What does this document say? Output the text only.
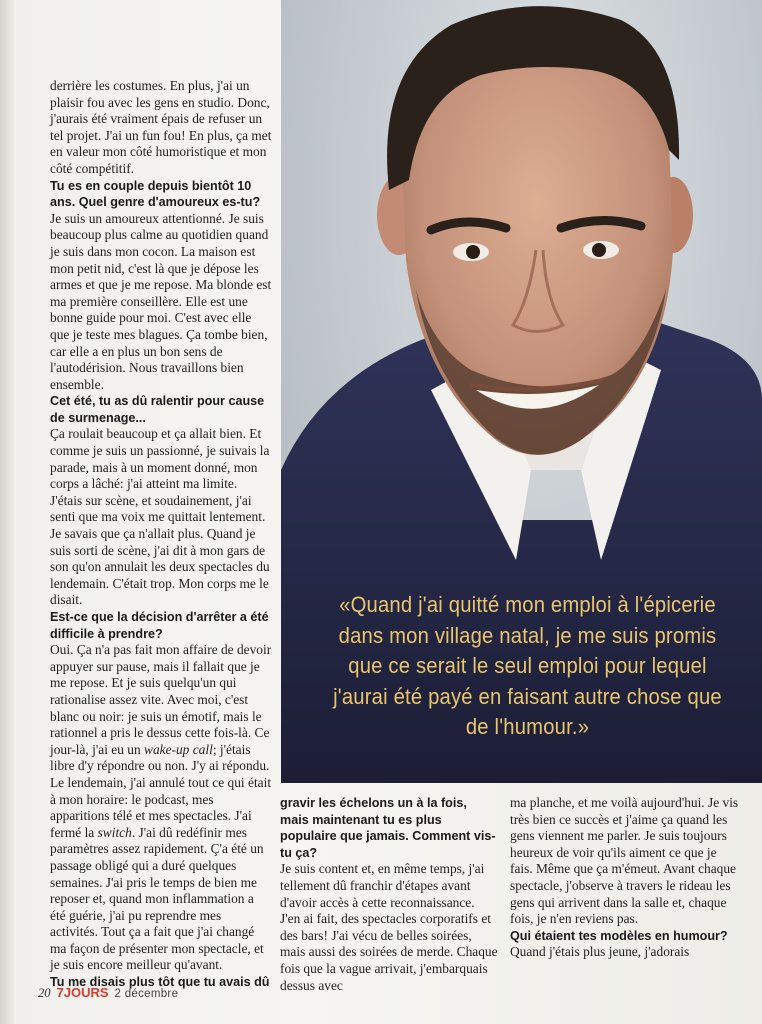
derrière les costumes. En plus, j'ai un plaisir fou avec les gens en studio. Donc, j'aurais été vraiment épais de refuser un tel projet. J'ai un fun fou! En plus, ça met en valeur mon côté humoristique et mon côté compétitif.

Tu es en couple depuis bientôt 10 ans. Quel genre d'amoureux es-tu?

Je suis un amoureux attentionné. Je suis beaucoup plus calme au quotidien quand je suis dans mon cocon. La maison est mon petit nid, c'est là que je dépose les armes et que je me repose. Ma blonde est ma première conseillère. Elle est une bonne guide pour moi. C'est avec elle que je teste mes blagues. Ça tombe bien, car elle a en plus un bon sens de l'autodérision. Nous travaillons bien ensemble.

Cet été, tu as dû ralentir pour cause de surmenage...

Ça roulait beaucoup et ça allait bien. Et comme je suis un passionné, je suivais la parade, mais à un moment donné, mon corps a lâché: j'ai atteint ma limite. J'étais sur scène, et soudainement, j'ai senti que ma voix me quittait lentement. Je savais que ça n'allait plus. Quand je suis sorti de scène, j'ai dit à mon gars de son qu'on annulait les deux spectacles du lendemain. C'était trop. Mon corps me le disait.

Est-ce que la décision d'arrêter a été difficile à prendre?

Oui. Ça n'a pas fait mon affaire de devoir appuyer sur pause, mais il fallait que je me repose. Et je suis quelqu'un qui rationalise assez vite. Avec moi, c'est blanc ou noir: je suis un émotif, mais le rationnel a pris le dessus cette fois-là. Ce jour-là, j'ai eu un wake-up call; j'étais libre d'y répondre ou non. J'y ai répondu. Le lendemain, j'ai annulé tout ce qui était à mon horaire: le podcast, mes apparitions télé et mes spectacles. J'ai fermé la switch. J'ai dû redéfinir mes paramètres assez rapidement. Ç'a été un passage obligé qui a duré quelques semaines. J'ai pris le temps de bien me reposer et, quand mon inflammation a été guérie, j'ai pu reprendre mes activités. Tout ça a fait que j'ai changé ma façon de présenter mon spectacle, et je suis encore meilleur qu'avant.

Tu me disais plus tôt que tu avais dû

«Quand j'ai quitté mon emploi à l'épicerie dans mon village natal, je me suis promis que ce serait le seul emploi pour lequel j'aurai été payé en faisant autre chose que de l'humour.»

gravir les échelons un à la fois, mais maintenant tu es plus populaire que jamais. Comment vis-tu ça?

Je suis content et, en même temps, j'ai tellement dû franchir d'étapes avant d'avoir accès à cette reconnaissance. J'en ai fait, des spectacles corporatifs et des bars! J'ai vécu de belles soirées, mais aussi des soirées de merde. Chaque fois que la vague arrivait, j'embarquais dessus avec

ma planche, et me voilà aujourd'hui. Je vis très bien ce succès et j'aime ça quand les gens viennent me parler. Je suis toujours heureux de voir qu'ils aiment ce que je fais. Même que ça m'émeut. Avant chaque spectacle, j'observe à travers le rideau les gens qui arrivent dans la salle et, chaque fois, je n'en reviens pas.

Qui étaient tes modèles en humour?

Quand j'étais plus jeune, j'adorais

20 7JOURS 2 décembre
